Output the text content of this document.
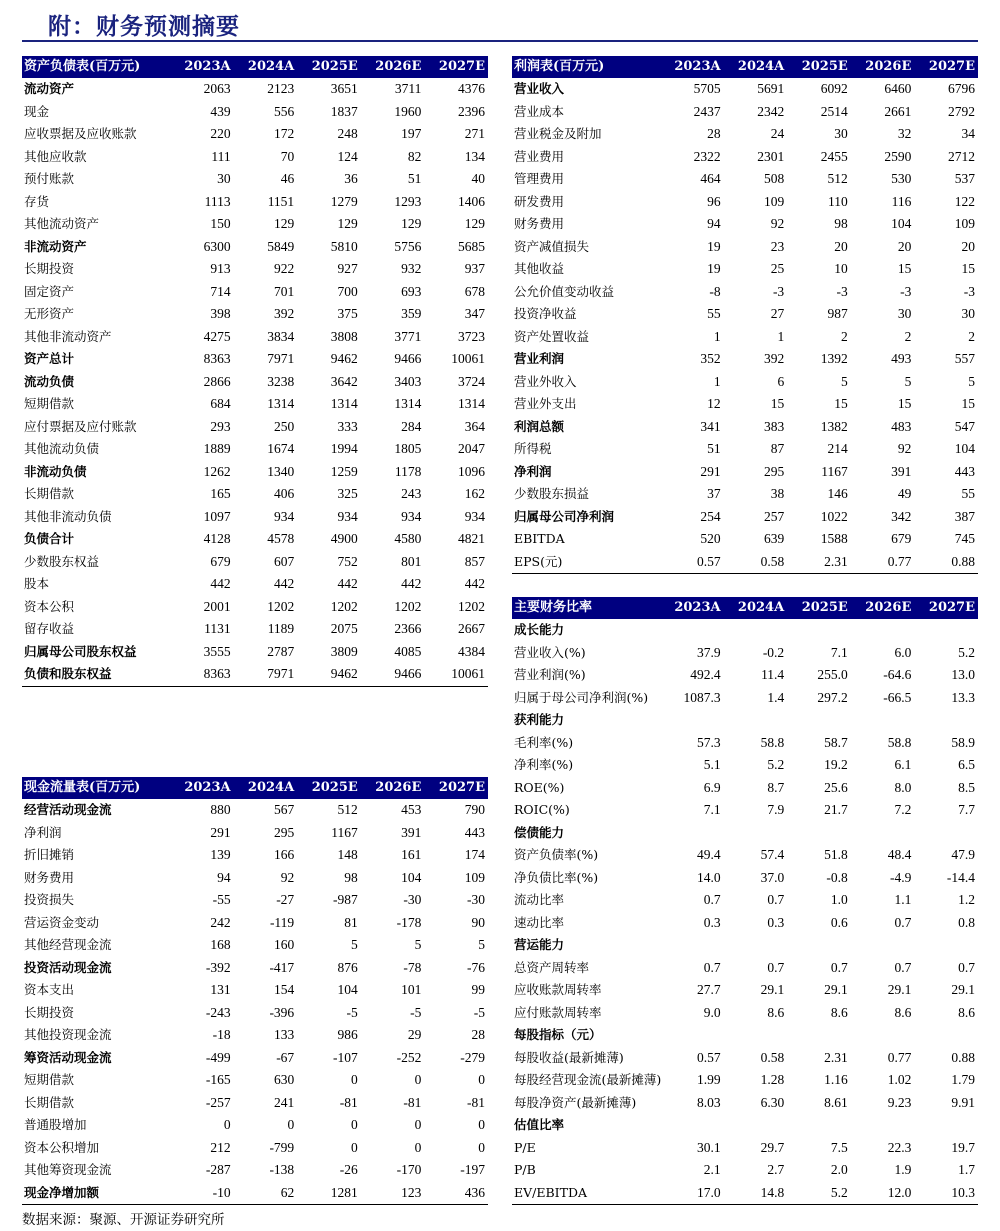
附：财务预测摘要
资产负债表(百万元)	2023A	2024A	2025E	2026E	2027E
流动资产	2063	2123	3651	3711	4376
现金	439	556	1837	1960	2396
应收票据及应收账款	220	172	248	197	271
其他应收款	111	70	124	82	134
预付账款	30	46	36	51	40
存货	1113	1151	1279	1293	1406
其他流动资产	150	129	129	129	129
非流动资产	6300	5849	5810	5756	5685
长期投资	913	922	927	932	937
固定资产	714	701	700	693	678
无形资产	398	392	375	359	347
其他非流动资产	4275	3834	3808	3771	3723
资产总计	8363	7971	9462	9466	10061
流动负债	2866	3238	3642	3403	3724
短期借款	684	1314	1314	1314	1314
应付票据及应付账款	293	250	333	284	364
其他流动负债	1889	1674	1994	1805	2047
非流动负债	1262	1340	1259	1178	1096
长期借款	165	406	325	243	162
其他非流动负债	1097	934	934	934	934
负债合计	4128	4578	4900	4580	4821
少数股东权益	679	607	752	801	857
股本	442	442	442	442	442
资本公积	2001	1202	1202	1202	1202
留存收益	1131	1189	2075	2366	2667
归属母公司股东权益	3555	2787	3809	4085	4384
负债和股东权益	8363	7971	9462	9466	10061
利润表(百万元)	2023A	2024A	2025E	2026E	2027E
营业收入	5705	5691	6092	6460	6796
营业成本	2437	2342	2514	2661	2792
营业税金及附加	28	24	30	32	34
营业费用	2322	2301	2455	2590	2712
管理费用	464	508	512	530	537
研发费用	96	109	110	116	122
财务费用	94	92	98	104	109
资产减值损失	19	23	20	20	20
其他收益	19	25	10	15	15
公允价值变动收益	-8	-3	-3	-3	-3
投资净收益	55	27	987	30	30
资产处置收益	1	1	2	2	2
营业利润	352	392	1392	493	557
营业外收入	1	6	5	5	5
营业外支出	12	15	15	15	15
利润总额	341	383	1382	483	547
所得税	51	87	214	92	104
净利润	291	295	1167	391	443
少数股东损益	37	38	146	49	55
归属母公司净利润	254	257	1022	342	387
EBITDA	520	639	1588	679	745
EPS(元)	0.57	0.58	2.31	0.77	0.88
主要财务比率	2023A	2024A	2025E	2026E	2027E
成长能力					
营业收入(%)	37.9	-0.2	7.1	6.0	5.2
营业利润(%)	492.4	11.4	255.0	-64.6	13.0
归属于母公司净利润(%)	1087.3	1.4	297.2	-66.5	13.3
获利能力					
毛利率(%)	57.3	58.8	58.7	58.8	58.9
净利率(%)	5.1	5.2	19.2	6.1	6.5
ROE(%)	6.9	8.7	25.6	8.0	8.5
ROIC(%)	7.1	7.9	21.7	7.2	7.7
偿债能力					
资产负债率(%)	49.4	57.4	51.8	48.4	47.9
净负债比率(%)	14.0	37.0	-0.8	-4.9	-14.4
流动比率	0.7	0.7	1.0	1.1	1.2
速动比率	0.3	0.3	0.6	0.7	0.8
营运能力					
总资产周转率	0.7	0.7	0.7	0.7	0.7
应收账款周转率	27.7	29.1	29.1	29.1	29.1
应付账款周转率	9.0	8.6	8.6	8.6	8.6
每股指标（元）					
每股收益(最新摊薄)	0.57	0.58	2.31	0.77	0.88
每股经营现金流(最新摊薄)	1.99	1.28	1.16	1.02	1.79
每股净资产(最新摊薄)	8.03	6.30	8.61	9.23	9.91
估值比率					
P/E	30.1	29.7	7.5	22.3	19.7
P/B	2.1	2.7	2.0	1.9	1.7
EV/EBITDA	17.0	14.8	5.2	12.0	10.3
现金流量表(百万元)	2023A	2024A	2025E	2026E	2027E
经营活动现金流	880	567	512	453	790
净利润	291	295	1167	391	443
折旧摊销	139	166	148	161	174
财务费用	94	92	98	104	109
投资损失	-55	-27	-987	-30	-30
营运资金变动	242	-119	81	-178	90
其他经营现金流	168	160	5	5	5
投资活动现金流	-392	-417	876	-78	-76
资本支出	131	154	104	101	99
长期投资	-243	-396	-5	-5	-5
其他投资现金流	-18	133	986	29	28
筹资活动现金流	-499	-67	-107	-252	-279
短期借款	-165	630	0	0	0
长期借款	-257	241	-81	-81	-81
普通股增加	0	0	0	0	0
资本公积增加	212	-799	0	0	0
其他筹资现金流	-287	-138	-26	-170	-197
现金净增加额	-10	62	1281	123	436
数据来源：聚源、开源证券研究所
